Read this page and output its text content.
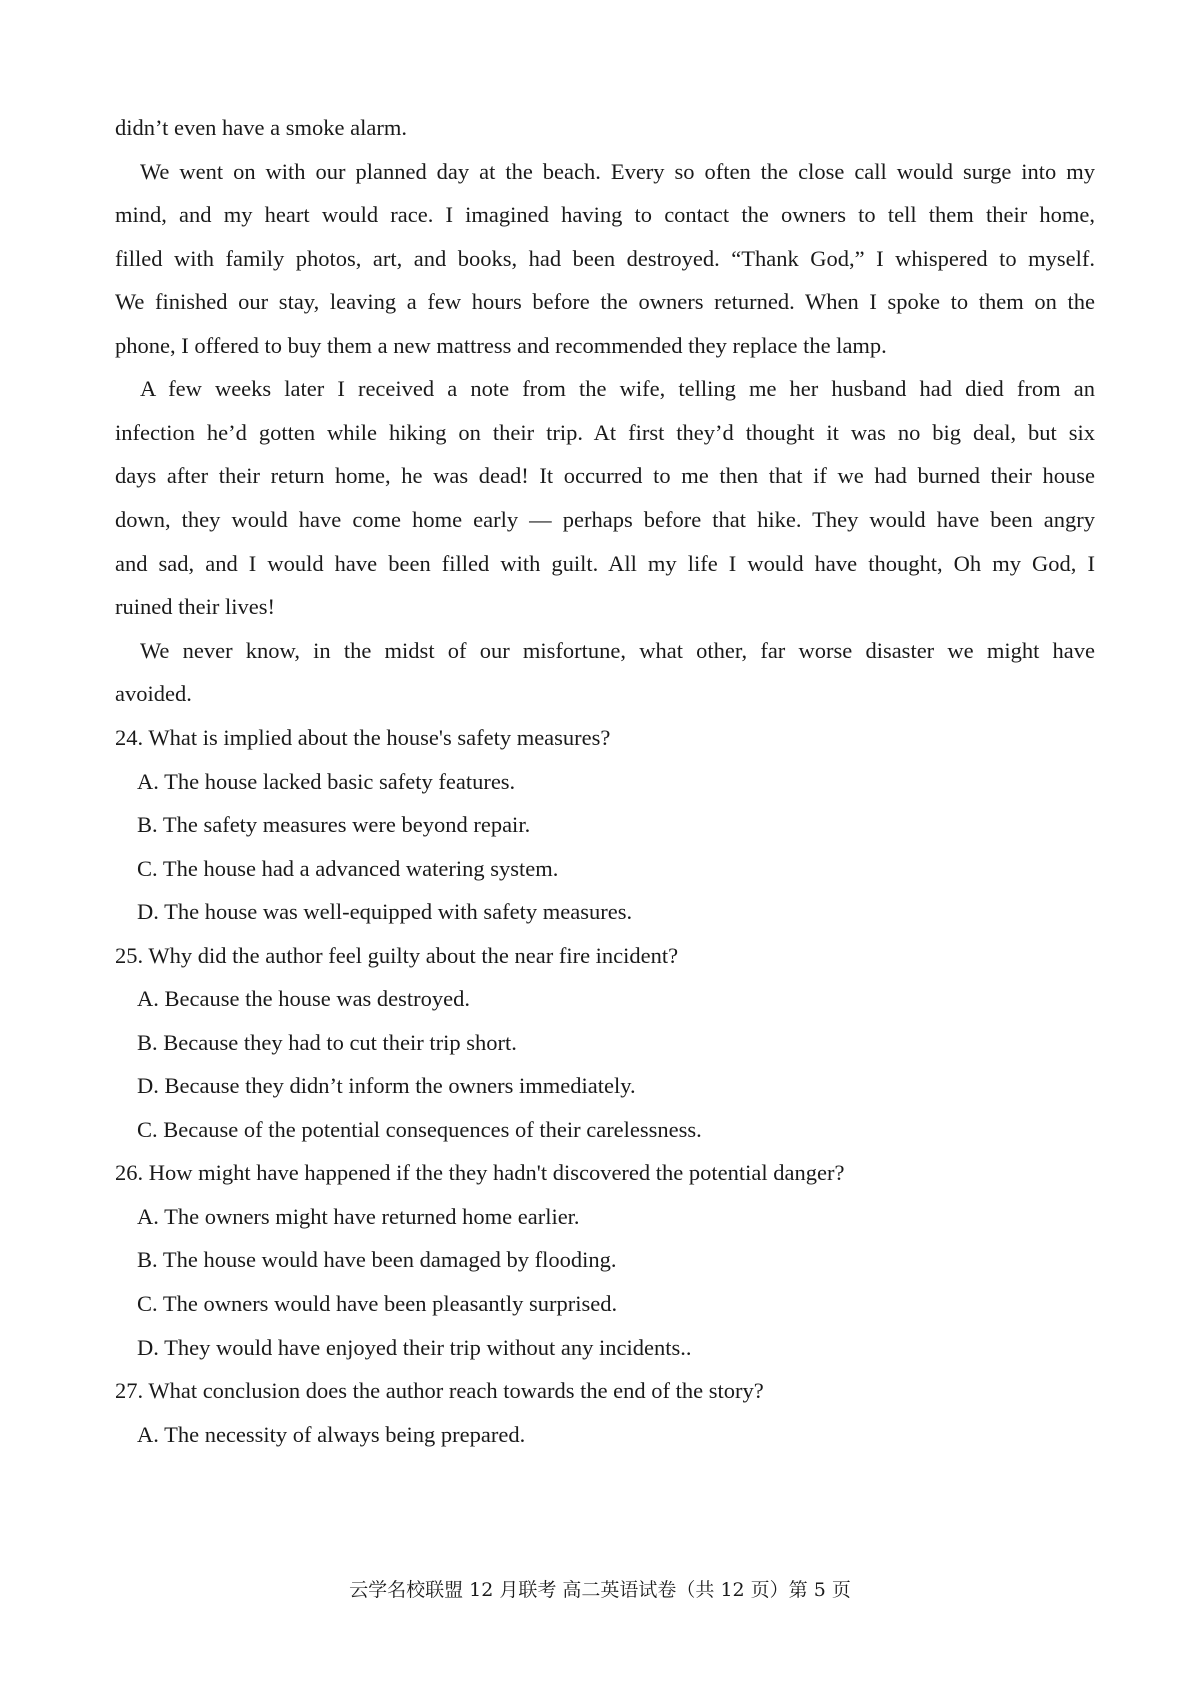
didn’t even have a smoke alarm.
We went on with our planned day at the beach. Every so often the close call would surge into my
mind, and my heart would race. I imagined having to contact the owners to tell them their home,
filled with family photos, art, and books, had been destroyed. “Thank God,” I whispered to myself.
We finished our stay, leaving a few hours before the owners returned. When I spoke to them on the
phone, I offered to buy them a new mattress and recommended they replace the lamp.
A few weeks later I received a note from the wife, telling me her husband had died from an
infection he’d gotten while hiking on their trip. At first they’d thought it was no big deal, but six
days after their return home, he was dead! It occurred to me then that if we had burned their house
down, they would have come home early — perhaps before that hike. They would have been angry
and sad, and I would have been filled with guilt. All my life I would have thought, Oh my God, I
ruined their lives!
We never know, in the midst of our misfortune, what other, far worse disaster we might have
avoided.
24. What is implied about the house's safety measures?
A. The house lacked basic safety features.
B. The safety measures were beyond repair.
C. The house had a advanced watering system.
D. The house was well-equipped with safety measures.
25. Why did the author feel guilty about the near fire incident?
A. Because the house was destroyed.
B. Because they had to cut their trip short.
D. Because they didn’t inform the owners immediately.
C. Because of the potential consequences of their carelessness.
26. How might have happened if the they hadn't discovered the potential danger?
A. The owners might have returned home earlier.
B. The house would have been damaged by flooding.
C. The owners would have been pleasantly surprised.
D. They would have enjoyed their trip without any incidents..
27. What conclusion does the author reach towards the end of the story?
A. The necessity of always being prepared.
云学名校联盟 12 月联考 高二英语试卷（共 12 页）第 5 页
